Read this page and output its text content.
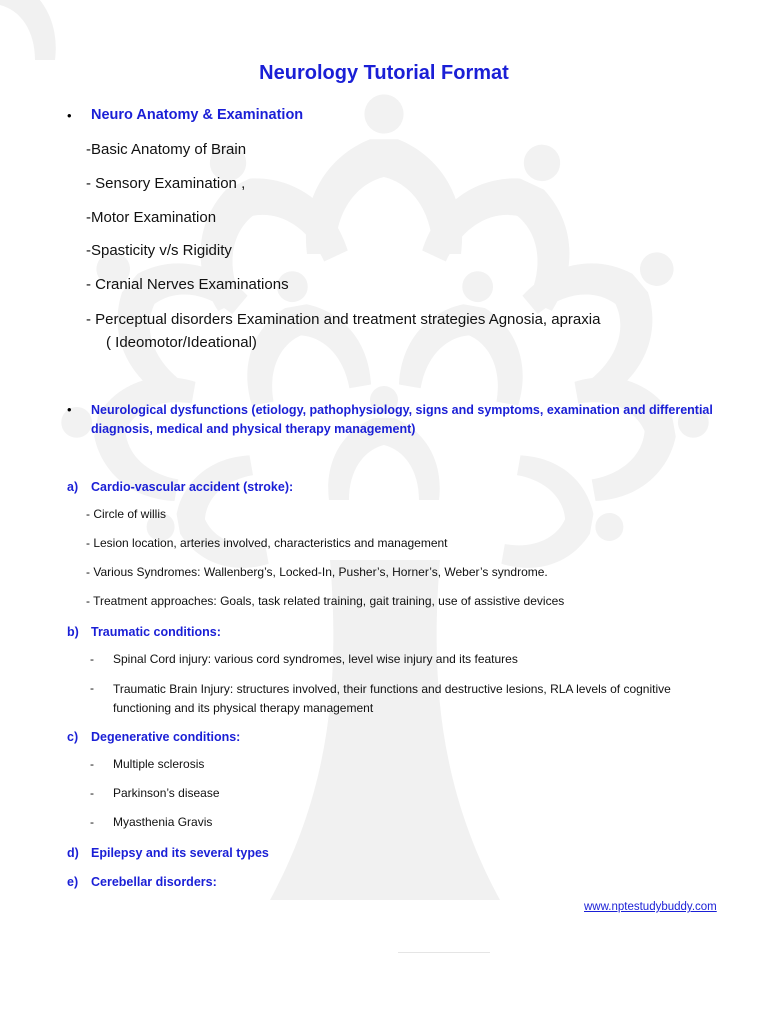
Neurology Tutorial Format
• Neuro Anatomy & Examination
-Basic Anatomy of Brain
- Sensory Examination ,
-Motor Examination
-Spasticity v/s Rigidity
- Cranial Nerves Examinations
- Perceptual disorders Examination and treatment strategies Agnosia, apraxia
( Ideomotor/Ideational)
• Neurological dysfunctions (etiology, pathophysiology, signs and symptoms, examination and differential diagnosis, medical and physical therapy management)
a) Cardio-vascular accident (stroke):
- Circle of willis
- Lesion location, arteries involved, characteristics and management
- Various Syndromes: Wallenberg’s, Locked-In, Pusher’s, Horner’s, Weber’s syndrome.
- Treatment approaches: Goals, task related training, gait training, use of assistive devices
b) Traumatic conditions:
- Spinal Cord injury: various cord syndromes, level wise injury and its features
- Traumatic Brain Injury: structures involved, their functions and destructive lesions, RLA levels of cognitive functioning and its physical therapy management
c) Degenerative conditions:
- Multiple sclerosis
- Parkinson’s disease
- Myasthenia Gravis
d) Epilepsy and its several types
e) Cerebellar disorders:
www.nptestudybuddy.com
